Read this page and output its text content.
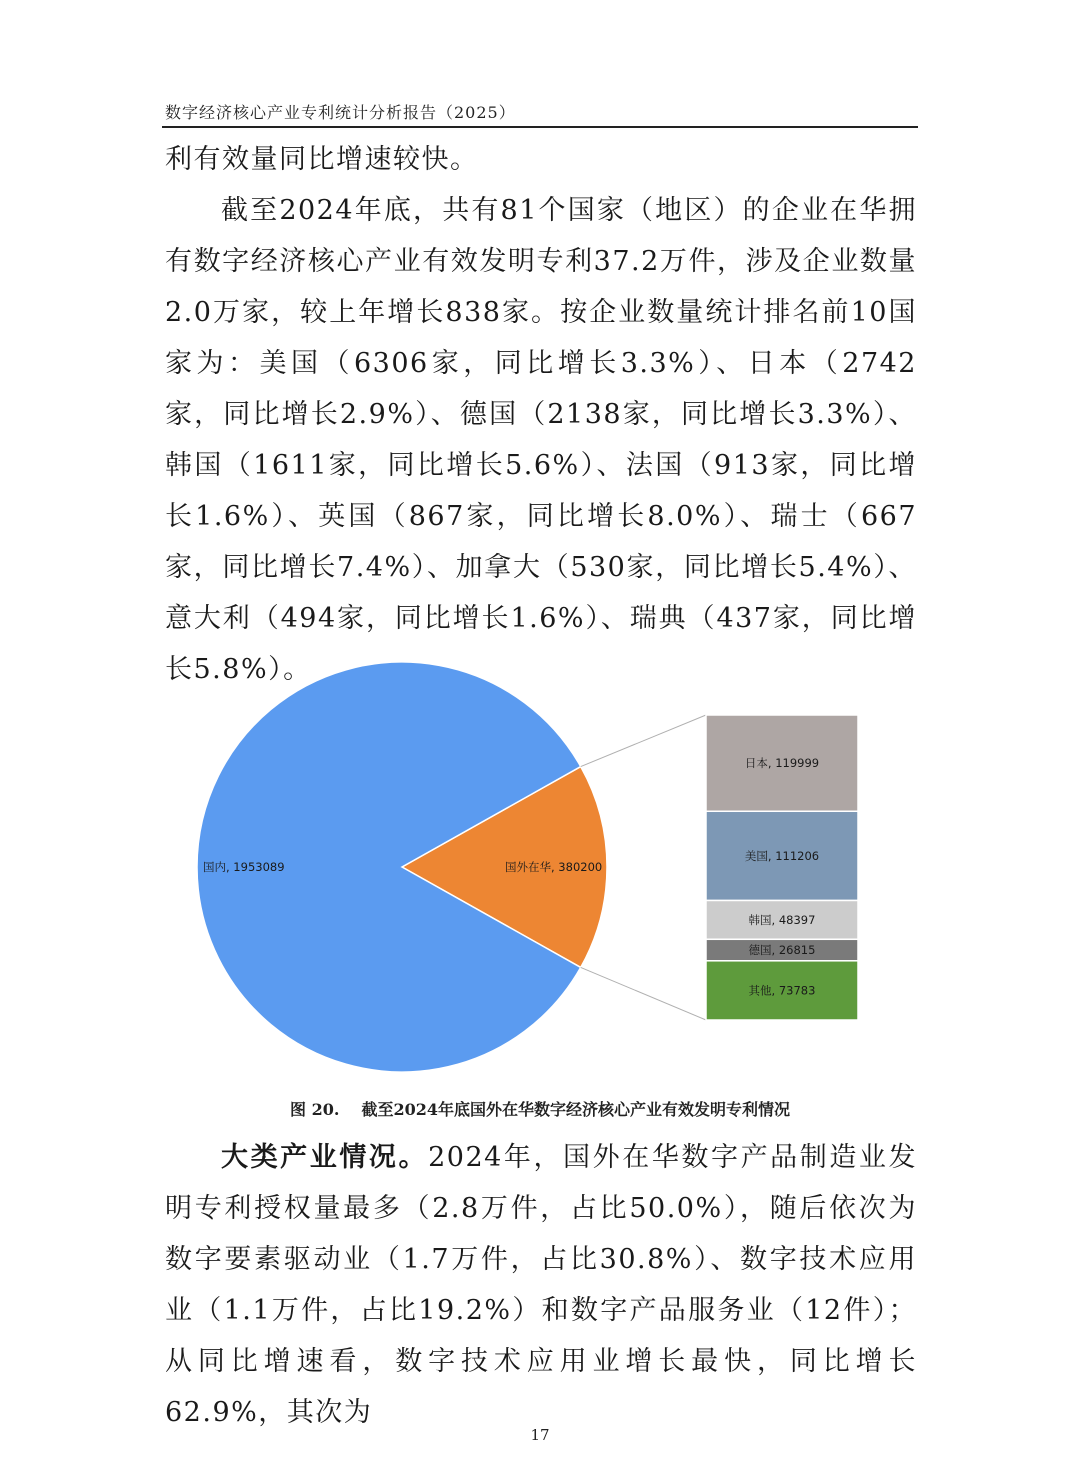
数字经济核心产业专利统计分析报告（2025）

利有效量同比增速较快。

截至2024年底，共有81个国家（地区）的企业在华拥有数字经济核心产业有效发明专利37.2万件，涉及企业数量2.0万家，较上年增长838家。按企业数量统计排名前10国家为：美国（6306家，同比增长3.3%）、日本（2742家，同比增长2.9%）、德国（2138家，同比增长3.3%）、韩国（1611家，同比增长5.6%）、法国（913家，同比增长1.6%）、英国（867家，同比增长8.0%）、瑞士（667家，同比增长7.4%）、加拿大（530家，同比增长5.4%）、意大利（494家，同比增长1.6%）、瑞典（437家，同比增长5.8%）。

日本, 119999
美国, 111206
韩国, 48397
德国, 26815
其他, 73783
国内, 1953089	国外在华, 380200
图 20. 截至2024年底国外在华数字经济核心产业有效发明专利情况

大类产业情况。2024年，国外在华数字产品制造业发明专利授权量最多（2.8万件，占比50.0%），随后依次为数字要素驱动业（1.7万件，占比30.8%）、数字技术应用业（1.1万件，占比19.2%）和数字产品服务业（12件）；从同比增速看，数字技术应用业增长最快，同比增长62.9%，其次为

17
